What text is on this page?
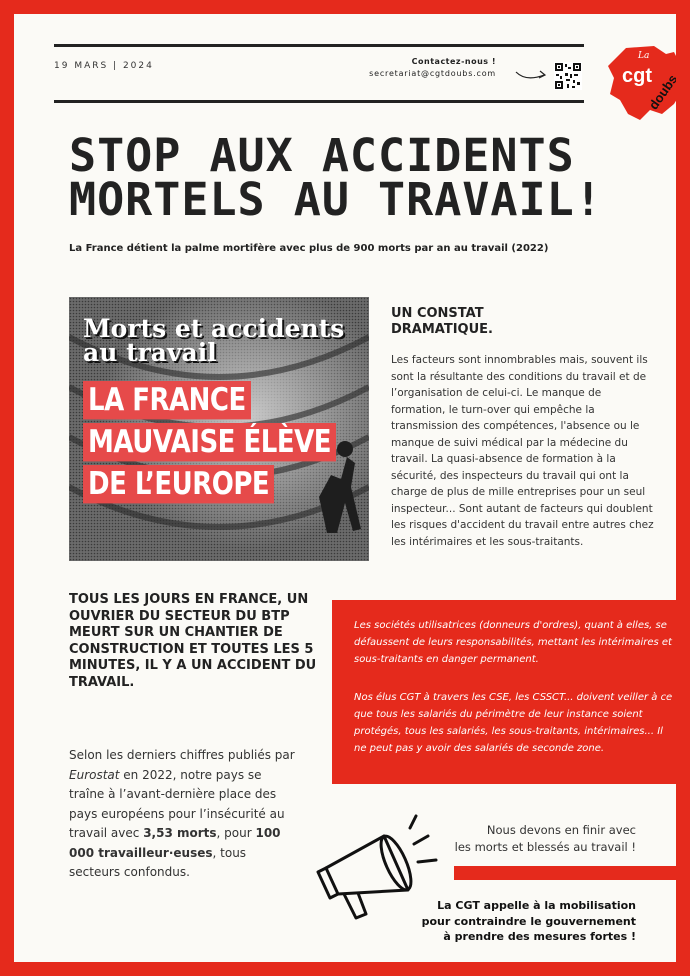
19 MARS | 2024	Contactez-nous !
secretariat@cgtdoubs.com
La
cgt
doubs
STOP AUX ACCIDENTS
MORTELS AU TRAVAIL!
La France détient la palme mortifère avec plus de 900 morts par an au travail (2022)
Morts et accidents
au travail
LA FRANCE
MAUVAISE ÉLÈVE
DE L’EUROPE
UN CONSTAT
DRAMATIQUE.
Les facteurs sont innombrables mais, souvent ils sont la résultante des conditions du travail et de l’organisation de celui-ci. Le manque de formation, le turn-over qui empêche la transmission des compétences, l'absence ou le manque de suivi médical par la médecine du travail. La quasi-absence de formation à la sécurité, des inspecteurs du travail qui ont la charge de plus de mille entreprises pour un seul inspecteur... Sont autant de facteurs qui doublent les risques d'accident du travail entre autres chez les intérimaires et les sous-traitants.
TOUS LES JOURS EN FRANCE, UN OUVRIER DU SECTEUR DU BTP MEURT SUR UN CHANTIER DE CONSTRUCTION ET TOUTES LES 5 MINUTES, IL Y A UN ACCIDENT DU TRAVAIL.
Selon les derniers chiffres publiés par Eurostat en 2022, notre pays se traîne à l’avant-dernière place des pays européens pour l’insécurité au travail avec 3,53 morts, pour 100 000 travailleur·euses, tous secteurs confondus.
Les sociétés utilisatrices (donneurs d'ordres), quant à elles, se défaussent de leurs responsabilités, mettant les intérimaires et sous-traitants en danger permanent.
Nos élus CGT à travers les CSE, les CSSCT... doivent veiller à ce que tous les salariés du périmètre de leur instance soient protégés, tous les salariés, les sous-traitants, intérimaires... Il ne peut pas y avoir des salariés de seconde zone.
Nous devons en finir avec
les morts et blessés au travail !
La CGT appelle à la mobilisation
pour contraindre le gouvernement
à prendre des mesures fortes !
